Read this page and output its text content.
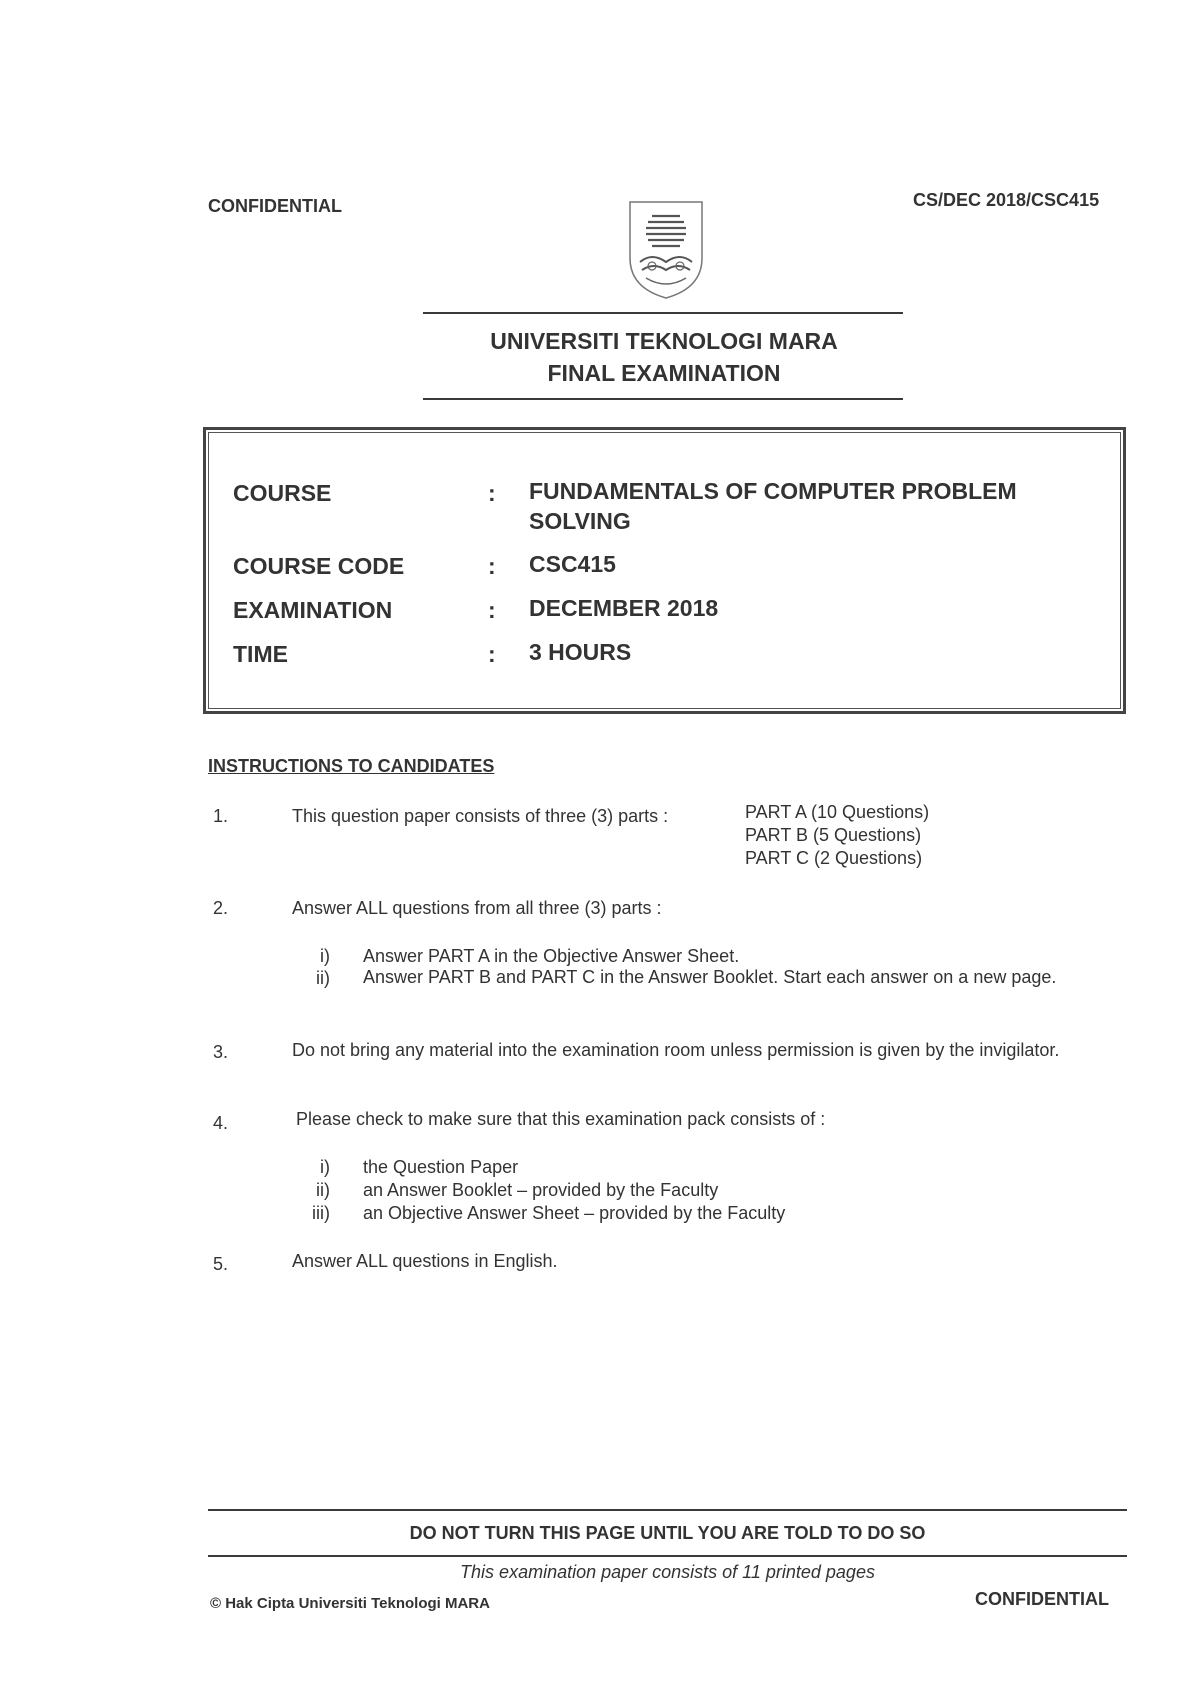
CONFIDENTIAL	CS/DEC 2018/CSC415
UNIVERSITI TEKNOLOGI MARA
FINAL EXAMINATION
COURSE	: FUNDAMENTALS OF COMPUTER PROBLEM SOLVING
COURSE CODE	: CSC415
EXAMINATION	: DECEMBER 2018
TIME	: 3 HOURS
INSTRUCTIONS TO CANDIDATES
1.	This question paper consists of three (3) parts :	PART A (10 Questions)
PART B (5 Questions)
PART C (2 Questions)
2.	Answer ALL questions from all three (3) parts :
i) Answer PART A in the Objective Answer Sheet.
ii) Answer PART B and PART C in the Answer Booklet. Start each answer on a new page.
3.	Do not bring any material into the examination room unless permission is given by the invigilator.
4.	Please check to make sure that this examination pack consists of :
i) the Question Paper
ii) an Answer Booklet – provided by the Faculty
iii) an Objective Answer Sheet – provided by the Faculty
5.	Answer ALL questions in English.
DO NOT TURN THIS PAGE UNTIL YOU ARE TOLD TO DO SO
This examination paper consists of 11 printed pages
© Hak Cipta Universiti Teknologi MARA	CONFIDENTIAL
